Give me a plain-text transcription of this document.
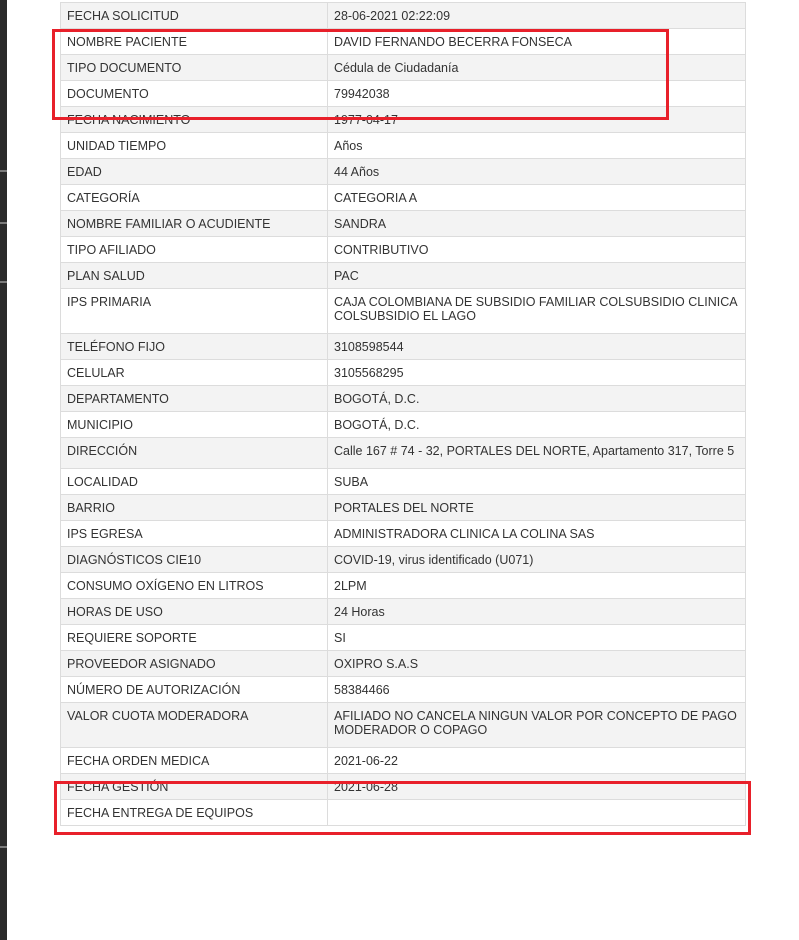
FECHA SOLICITUD	28-06-2021 02:22:09
NOMBRE PACIENTE	DAVID FERNANDO BECERRA FONSECA
TIPO DOCUMENTO	Cédula de Ciudadanía
DOCUMENTO	79942038
FECHA NACIMIENTO	1977-04-17
UNIDAD TIEMPO	Años
EDAD	44 Años
CATEGORÍA	CATEGORIA A
NOMBRE FAMILIAR O ACUDIENTE	SANDRA
TIPO AFILIADO	CONTRIBUTIVO
PLAN SALUD	PAC
IPS PRIMARIA	CAJA COLOMBIANA DE SUBSIDIO FAMILIAR COLSUBSIDIO CLINICA COLSUBSIDIO EL LAGO
TELÉFONO FIJO	3108598544
CELULAR	3105568295
DEPARTAMENTO	BOGOTÁ, D.C.
MUNICIPIO	BOGOTÁ, D.C.
DIRECCIÓN	Calle 167 # 74 - 32, PORTALES DEL NORTE, Apartamento 317, Torre 5
LOCALIDAD	SUBA
BARRIO	PORTALES DEL NORTE
IPS EGRESA	ADMINISTRADORA CLINICA LA COLINA SAS
DIAGNÓSTICOS CIE10	COVID-19, virus identificado (U071)
CONSUMO OXÍGENO EN LITROS	2LPM
HORAS DE USO	24 Horas
REQUIERE SOPORTE	SI
PROVEEDOR ASIGNADO	OXIPRO S.A.S
NÚMERO DE AUTORIZACIÓN	58384466
VALOR CUOTA MODERADORA	AFILIADO NO CANCELA NINGUN VALOR POR CONCEPTO DE PAGO MODERADOR O COPAGO
FECHA ORDEN MEDICA	2021-06-22
FECHA GESTIÓN	2021-06-28
FECHA ENTREGA DE EQUIPOS	
